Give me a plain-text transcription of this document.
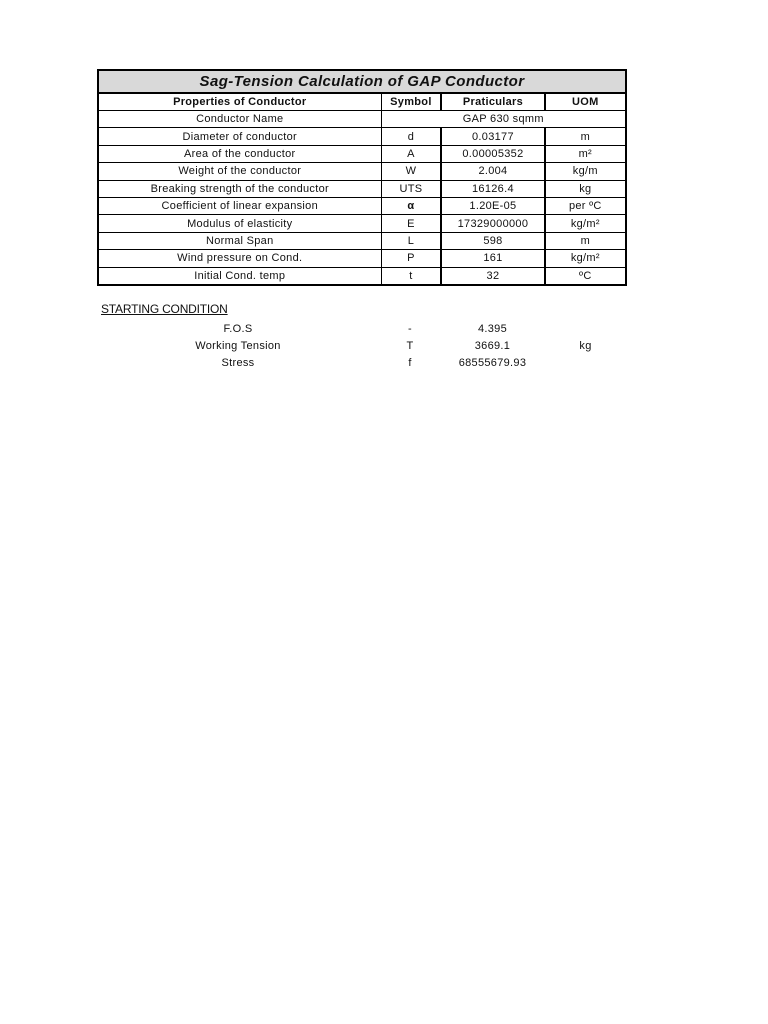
Sag-Tension Calculation of GAP Conductor			
Properties of Conductor	Symbol	Praticulars	UOM
Conductor Name	GAP 630 sqmm		
Diameter of conductor	d	0.03177	m
Area of the conductor	A	0.00005352	m²
Weight of the conductor	W	2.004	kg/m
Breaking strength of the conductor	UTS	16126.4	kg
Coefficient of linear expansion	α	1.20E-05	per ºC
Modulus of elasticity	E	17329000000	kg/m²
Normal Span	L	598	m
Wind pressure on Cond.	P	161	kg/m²
Initial Cond. temp	t	32	ºC
STARTING CONDITION
F.O.S	-	4.395
Working Tension	T	3669.1	kg
Stress	f	68555679.93
